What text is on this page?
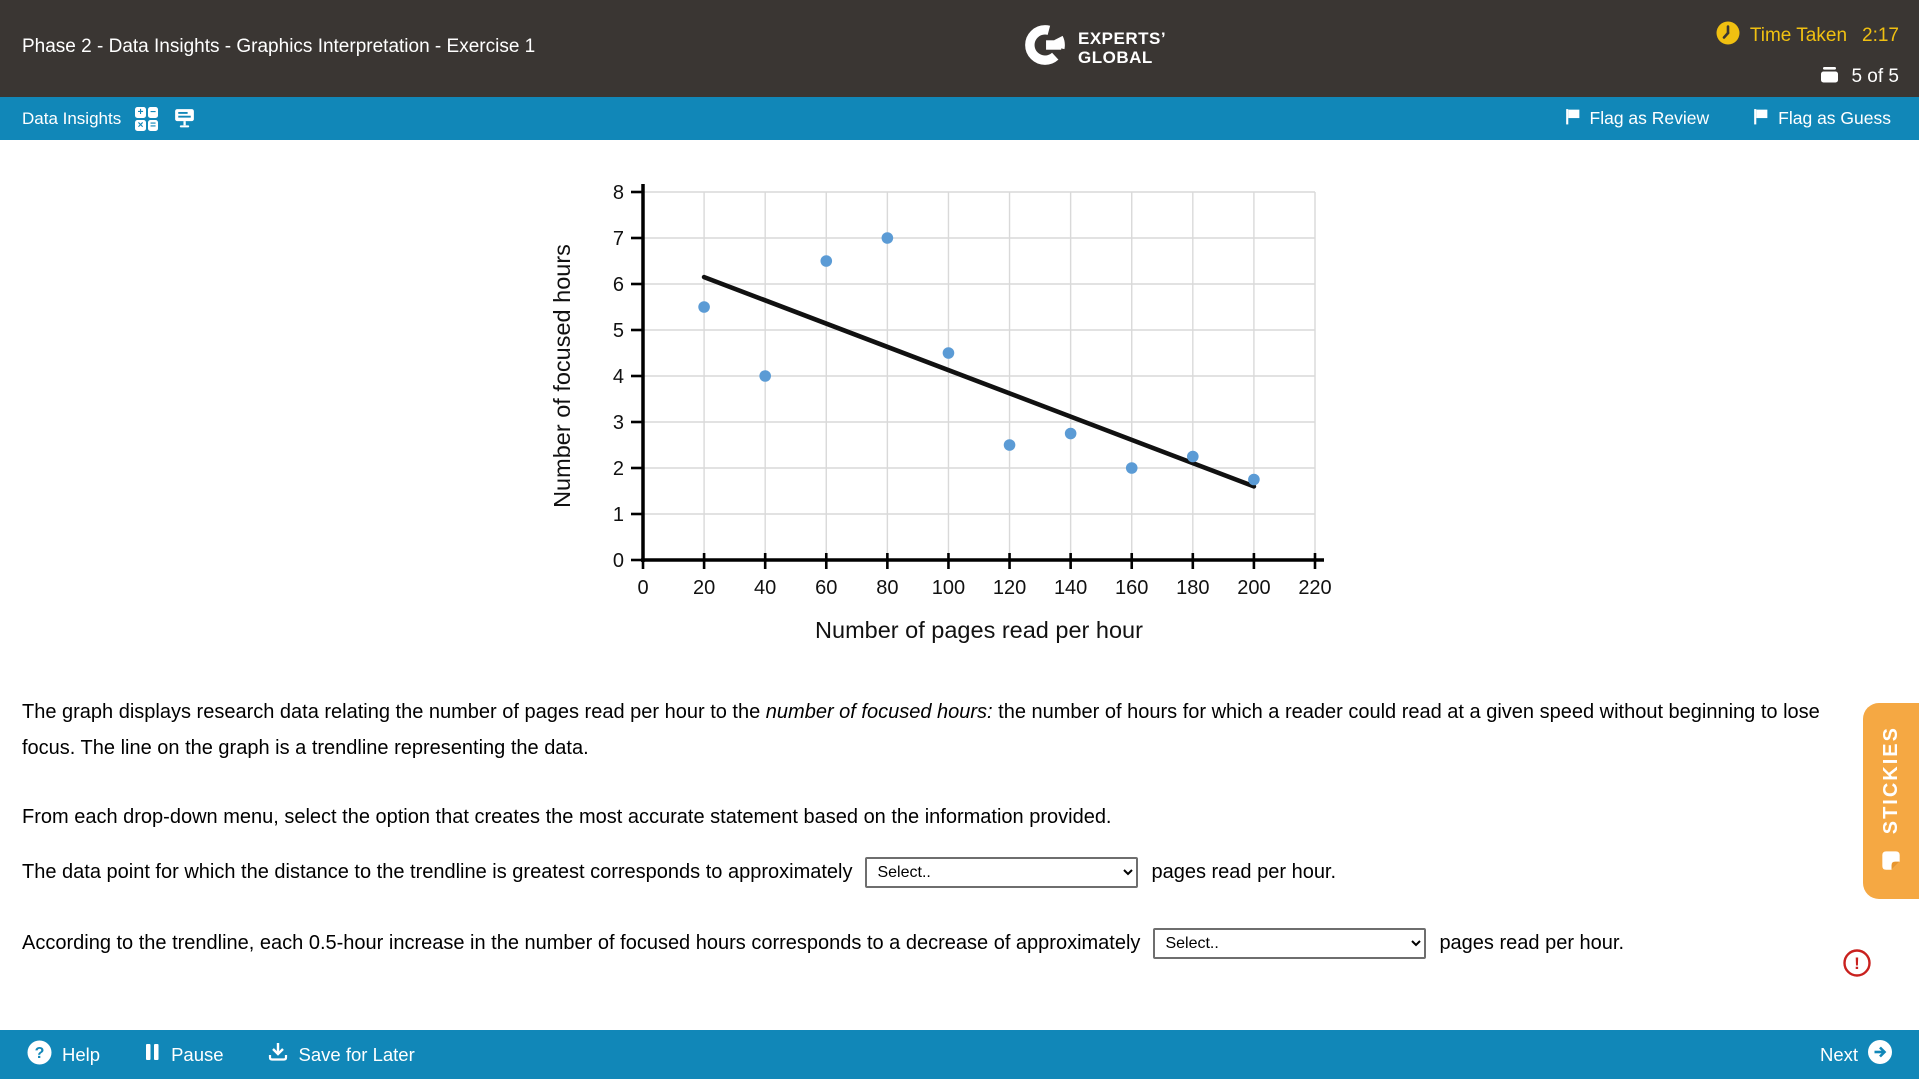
Phase 2 - Data Insights - Graphics Interpretation - Exercise 1	EXPERTS’
GLOBAL
Time Taken 2:17
5 of 5
Data Insights + −
× =	Flag as Review	Flag as Guess
0 20 40 60 80 100 120 140 160 180 200 220
0
1
2
3
4
5
6
7
8
Number of pages read per hour
Number of focused hours
The graph displays research data relating the number of pages read per hour to the number of focused hours: the number of hours for which a reader could read at a given speed without beginning to lose focus. The line on the graph is a trendline representing the data.
From each drop-down menu, select the option that creates the most accurate statement based on the information provided.
The data point for which the distance to the trendline is greatest corresponds to approximately
Select..	pages read per hour.
According to the trendline, each 0.5-hour increase in the number of focused hours corresponds to a decrease of approximately
Select..	pages read per hour.
!
STICKIES
? Help	Pause	Save for Later	Next
